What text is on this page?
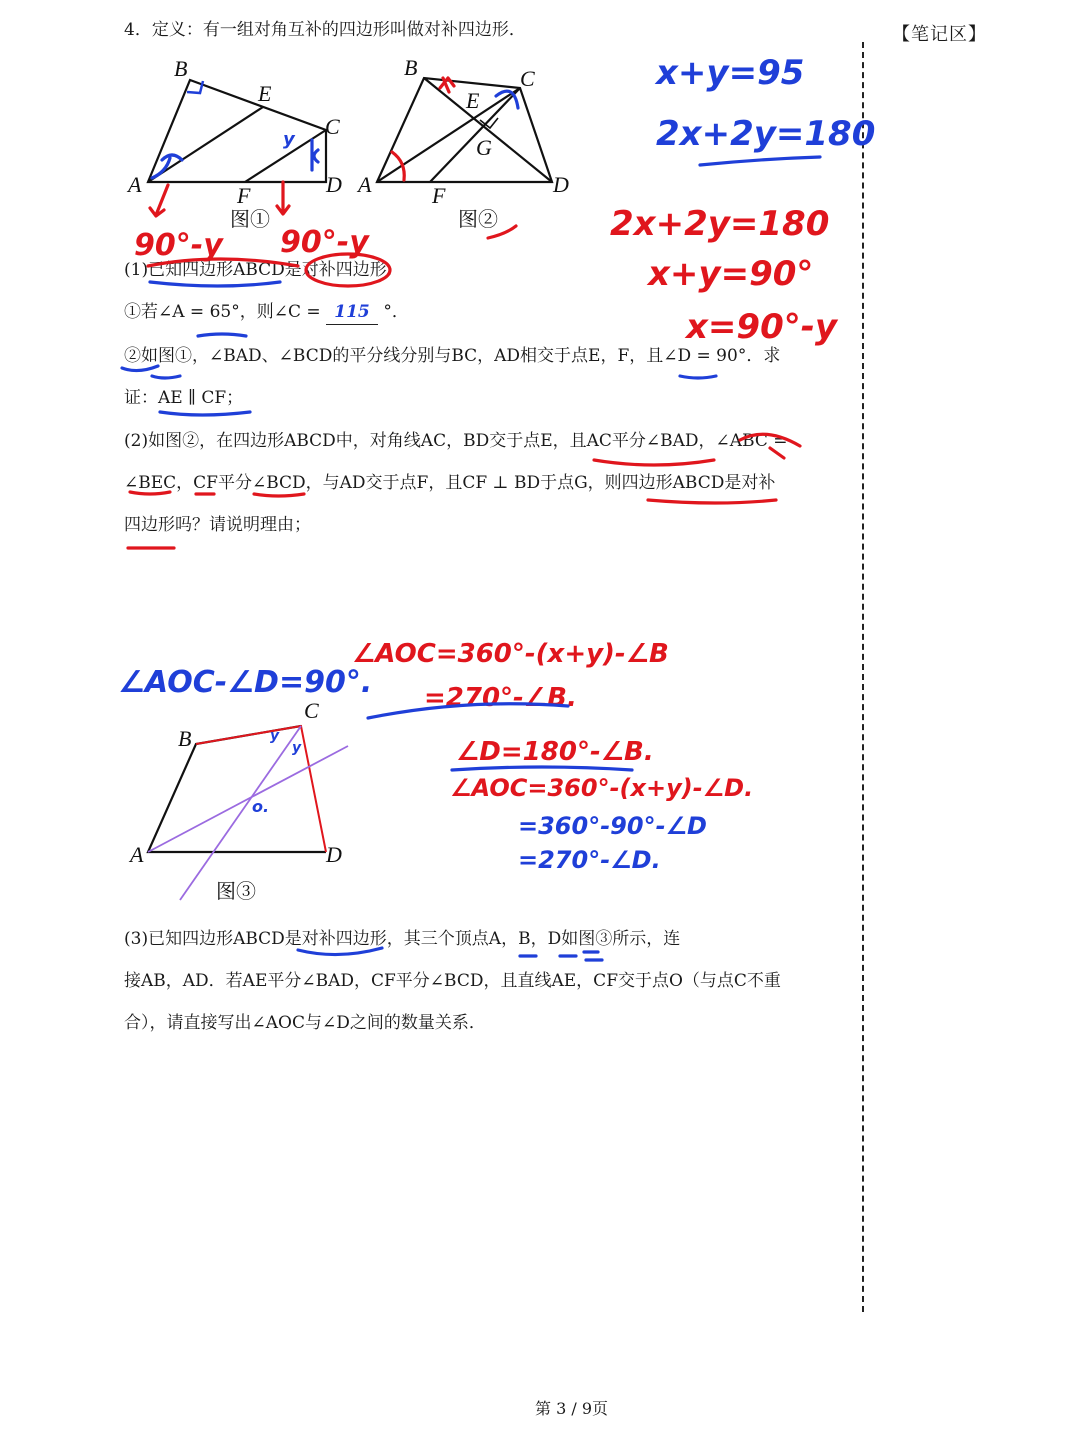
4．定义：有一组对角互补的四边形叫做对补四边形．	【笔记区】
(1)已知四边形ABCD是对补四边形．
①若∠A = 65°，则∠C = 115 °．
②如图①，∠BAD、∠BCD的平分线分别与BC，AD相交于点E，F，且∠D = 90°．求
证：AE ∥ CF；
(2)如图②，在四边形ABCD中，对角线AC，BD交于点E，且AC平分∠BAD，∠ABC =
∠BEC，CF平分∠BCD，与AD交于点F，且CF ⊥ BD于点G，则四边形ABCD是对补
四边形吗？请说明理由；
(3)已知四边形ABCD是对补四边形，其三个顶点A，B，D如图③所示，连
接AB，AD．若AE平分∠BAD，CF平分∠BCD，且直线AE，CF交于点O（与点C不重
合），请直接写出∠AOC与∠D之间的数量关系．
第 3 / 9页
B
E
C
A	F	D
图①
y
90°-y 90°-y
B	C
E
G
A	F	D
图②
x+y=95
2x+2y=180
2x+2y=180
x+y=90°
x=90°-y
B
C
A	D
图③
y
y
o.
∠AOC-∠D=90°.
∠AOC=360°-(x+y)-∠B
=270°-∠B.
∠D=180°-∠B.
∠AOC=360°-(x+y)-∠D.
=360°-90°-∠D
=270°-∠D.
